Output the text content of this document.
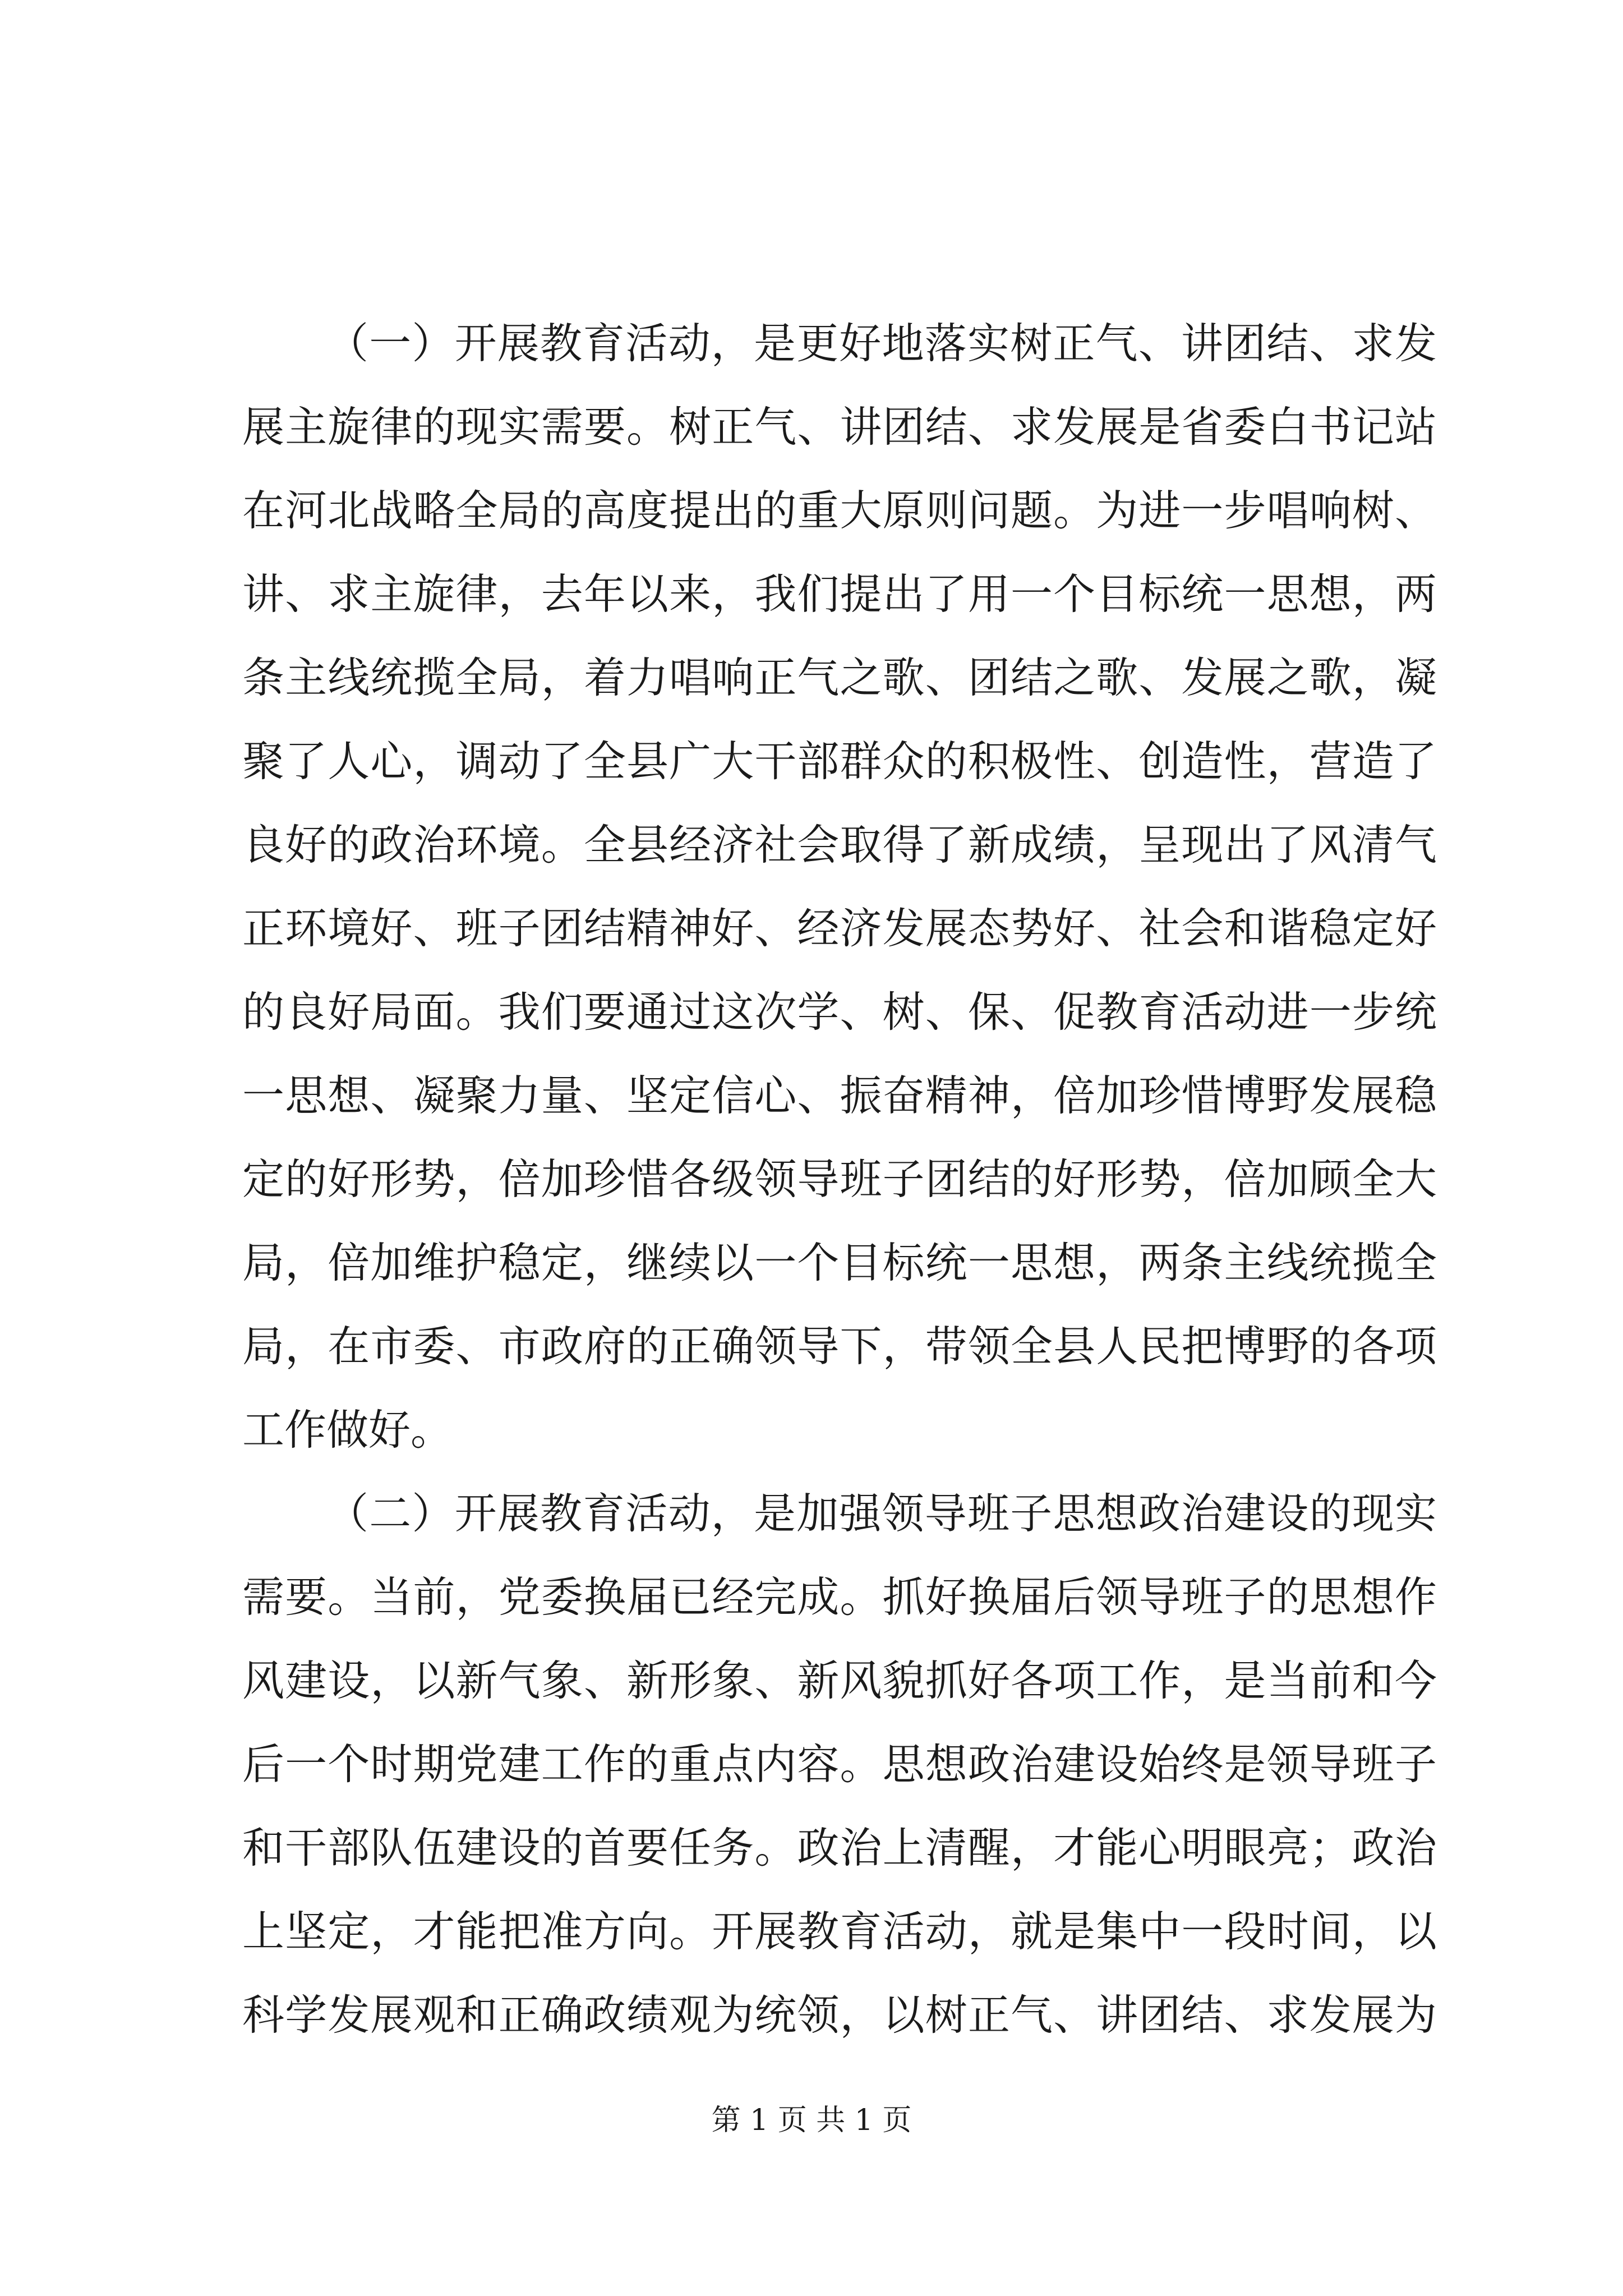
（一）开展教育活动，是更好地落实树正气、讲团结、求发
展主旋律的现实需要。树正气、讲团结、求发展是省委白书记站
在河北战略全局的高度提出的重大原则问题。为进一步唱响树、
讲、求主旋律，去年以来，我们提出了用一个目标统一思想，两
条主线统揽全局，着力唱响正气之歌、团结之歌、发展之歌，凝
聚了人心，调动了全县广大干部群众的积极性、创造性，营造了
良好的政治环境。全县经济社会取得了新成绩，呈现出了风清气
正环境好、班子团结精神好、经济发展态势好、社会和谐稳定好
的良好局面。我们要通过这次学、树、保、促教育活动进一步统
一思想、凝聚力量、坚定信心、振奋精神，倍加珍惜博野发展稳
定的好形势，倍加珍惜各级领导班子团结的好形势，倍加顾全大
局，倍加维护稳定，继续以一个目标统一思想，两条主线统揽全
局，在市委、市政府的正确领导下，带领全县人民把博野的各项
工作做好。
（二）开展教育活动，是加强领导班子思想政治建设的现实
需要。当前，党委换届已经完成。抓好换届后领导班子的思想作
风建设，以新气象、新形象、新风貌抓好各项工作，是当前和今
后一个时期党建工作的重点内容。思想政治建设始终是领导班子
和干部队伍建设的首要任务。政治上清醒，才能心明眼亮；政治
上坚定，才能把准方向。开展教育活动，就是集中一段时间，以
科学发展观和正确政绩观为统领，以树正气、讲团结、求发展为
第 1 页 共 1 页
